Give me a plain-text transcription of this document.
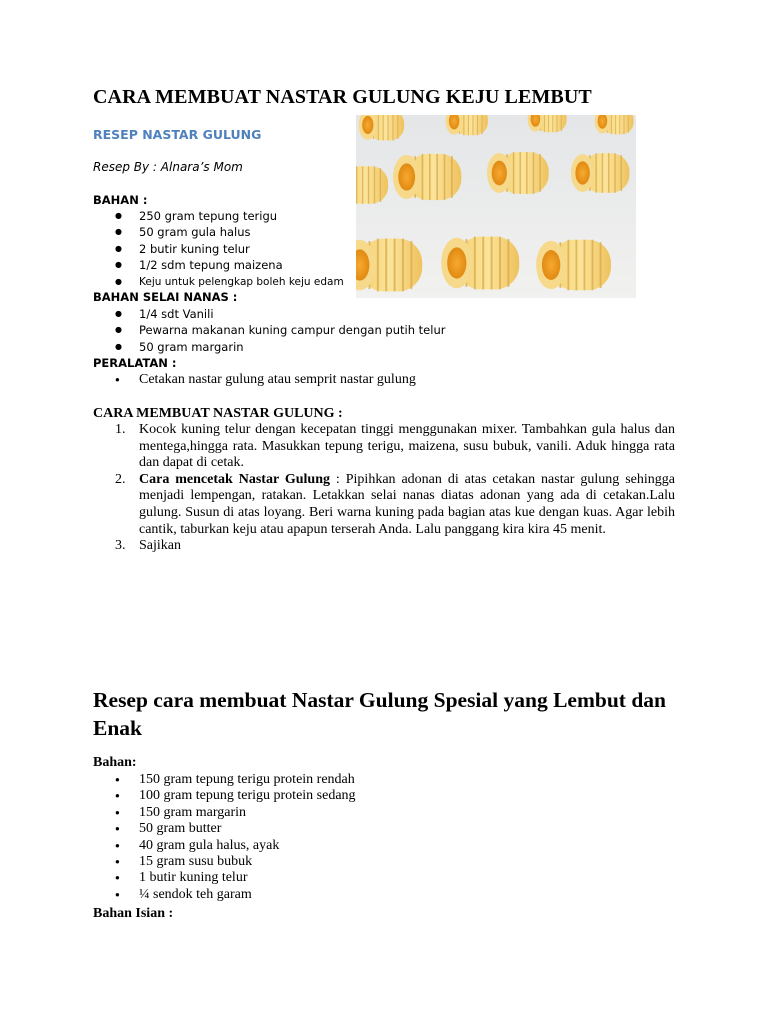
CARA MEMBUAT NASTAR GULUNG KEJU LEMBUT
RESEP NASTAR GULUNG
Resep By : Alnara’s Mom
BAHAN :
● 250 gram tepung terigu
● 50 gram gula halus
● 2 butir kuning telur
● 1/2 sdm tepung maizena
● Keju untuk pelengkap boleh keju edam
BAHAN SELAI NANAS :
● 1/4 sdt Vanili
● Pewarna makanan kuning campur dengan putih telur
● 50 gram margarin
PERALATAN :
● Cetakan nastar gulung atau semprit nastar gulung
CARA MEMBUAT NASTAR GULUNG :
1. Kocok kuning telur dengan kecepatan tinggi menggunakan mixer. Tambahkan gula halus dan mentega,hingga rata. Masukkan tepung terigu, maizena, susu bubuk, vanili. Aduk hingga rata dan dapat di cetak.
2. Cara mencetak Nastar Gulung : Pipihkan adonan di atas cetakan nastar gulung sehingga menjadi lempengan, ratakan. Letakkan selai nanas diatas adonan yang ada di cetakan.Lalu gulung. Susun di atas loyang. Beri warna kuning pada bagian atas kue dengan kuas. Agar lebih cantik, taburkan keju atau apapun terserah Anda. Lalu panggang kira kira 45 menit.
3. Sajikan
Resep cara membuat Nastar Gulung Spesial yang Lembut dan Enak
Bahan:
● 150 gram tepung terigu protein rendah
● 100 gram tepung terigu protein sedang
● 150 gram margarin
● 50 gram butter
● 40 gram gula halus, ayak
● 15 gram susu bubuk
● 1 butir kuning telur
● ¼ sendok teh garam
Bahan Isian :
